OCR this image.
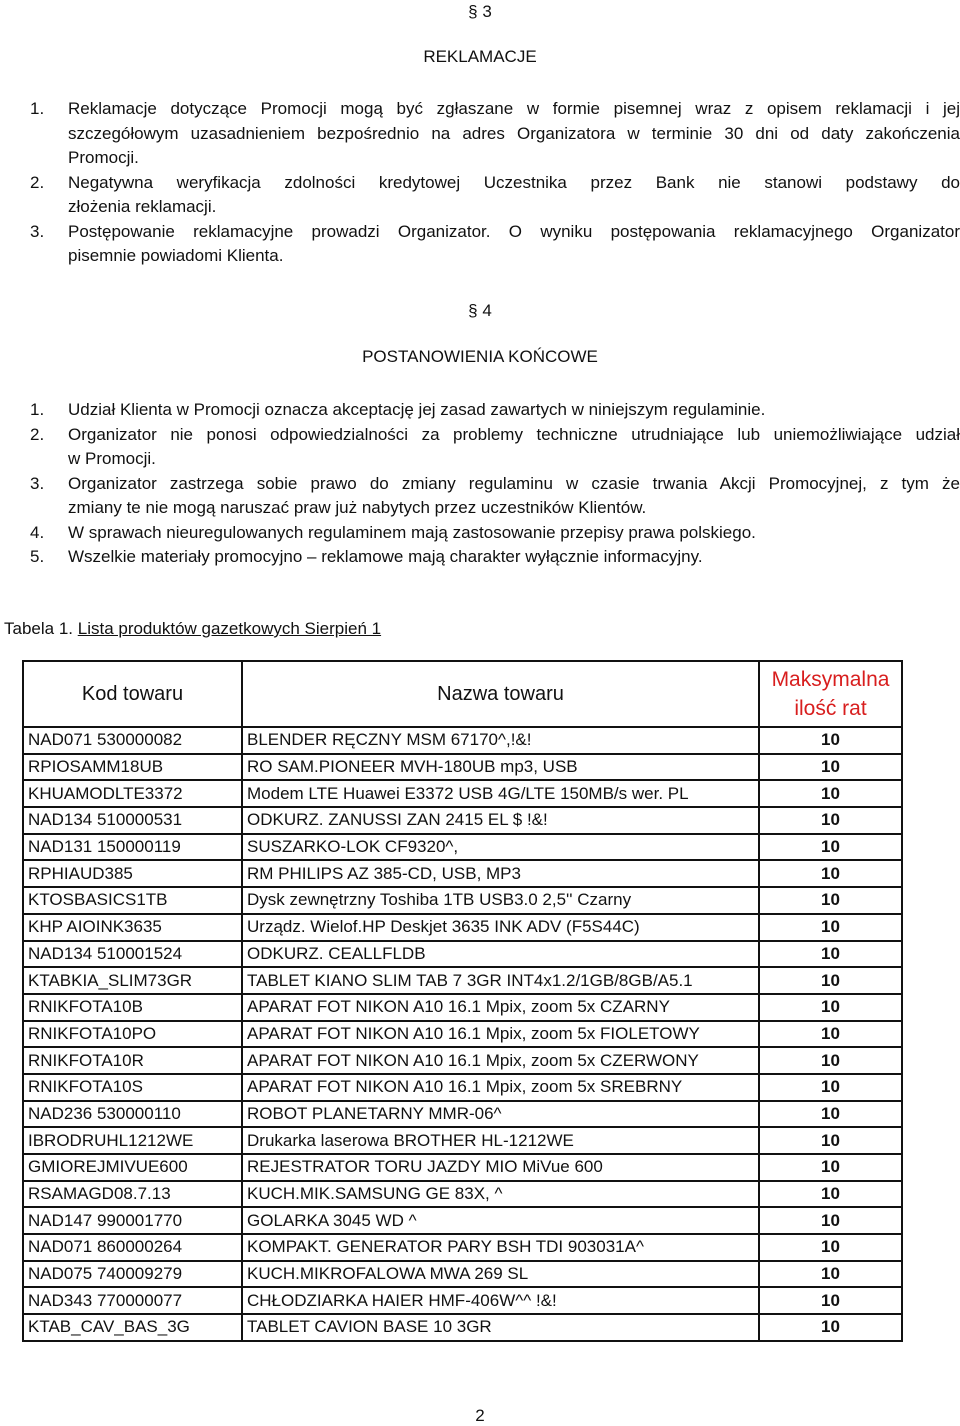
§ 3
REKLAMACJE
1. Reklamacje dotyczące Promocji mogą być zgłaszane w formie pisemnej wraz z opisem reklamacji i jej
szczegółowym uzasadnieniem bezpośrednio na adres Organizatora w terminie 30 dni od daty zakończenia
Promocji.
2. Negatywna weryfikacja zdolności kredytowej Uczestnika przez Bank nie stanowi podstawy do
złożenia reklamacji.
3. Postępowanie reklamacyjne prowadzi Organizator. O wyniku postępowania reklamacyjnego Organizator
pisemnie powiadomi Klienta.
§ 4
POSTANOWIENIA KOŃCOWE
1. Udział Klienta w Promocji oznacza akceptację jej zasad zawartych w niniejszym regulaminie.
2. Organizator nie ponosi odpowiedzialności za problemy techniczne utrudniające lub uniemożliwiające udział
w Promocji.
3. Organizator zastrzega sobie prawo do zmiany regulaminu w czasie trwania Akcji Promocyjnej, z tym że
zmiany te nie mogą naruszać praw już nabytych przez uczestników Klientów.
4. W sprawach nieuregulowanych regulaminem mają zastosowanie przepisy prawa polskiego.
5. Wszelkie materiały promocyjno – reklamowe mają charakter wyłącznie informacyjny.
Tabela 1. Lista produktów gazetkowych Sierpień 1
Kod towaru	Nazwa towaru	Maksymalna
ilość rat
NAD071 530000082	BLENDER RĘCZNY MSM 67170^,!&!	10
RPIOSAMM18UB	RO SAM.PIONEER MVH-180UB mp3, USB	10
KHUAMODLTE3372	Modem LTE Huawei E3372 USB 4G/LTE 150MB/s wer. PL	10
NAD134 510000531	ODKURZ. ZANUSSI ZAN 2415 EL $ !&!	10
NAD131 150000119	SUSZARKO-LOK CF9320^,	10
RPHIAUD385	RM PHILIPS AZ 385-CD, USB, MP3	10
KTOSBASICS1TB	Dysk zewnętrzny Toshiba 1TB USB3.0 2,5'' Czarny	10
KHP AIOINK3635	Urządz. Wielof.HP Deskjet 3635 INK ADV (F5S44C)	10
NAD134 510001524	ODKURZ. CEALLFLDB	10
KTABKIA_SLIM73GR	TABLET KIANO SLIM TAB 7 3GR INT4x1.2/1GB/8GB/A5.1	10
RNIKFOTA10B	APARAT FOT NIKON A10 16.1 Mpix, zoom 5x CZARNY	10
RNIKFOTA10PO	APARAT FOT NIKON A10 16.1 Mpix, zoom 5x FIOLETOWY	10
RNIKFOTA10R	APARAT FOT NIKON A10 16.1 Mpix, zoom 5x CZERWONY	10
RNIKFOTA10S	APARAT FOT NIKON A10 16.1 Mpix, zoom 5x SREBRNY	10
NAD236 530000110	ROBOT PLANETARNY MMR-06^	10
IBRODRUHL1212WE	Drukarka laserowa BROTHER HL-1212WE	10
GMIOREJMIVUE600	REJESTRATOR TORU JAZDY MIO MiVue 600	10
RSAMAGD08.7.13	KUCH.MIK.SAMSUNG GE 83X, ^	10
NAD147 990001770	GOLARKA 3045 WD ^	10
NAD071 860000264	KOMPAKT. GENERATOR PARY BSH TDI 903031A^	10
NAD075 740009279	KUCH.MIKROFALOWA MWA 269 SL	10
NAD343 770000077	CHŁODZIARKA HAIER HMF-406W^^ !&!	10
KTAB_CAV_BAS_3G	TABLET CAVION BASE 10 3GR	10
2
